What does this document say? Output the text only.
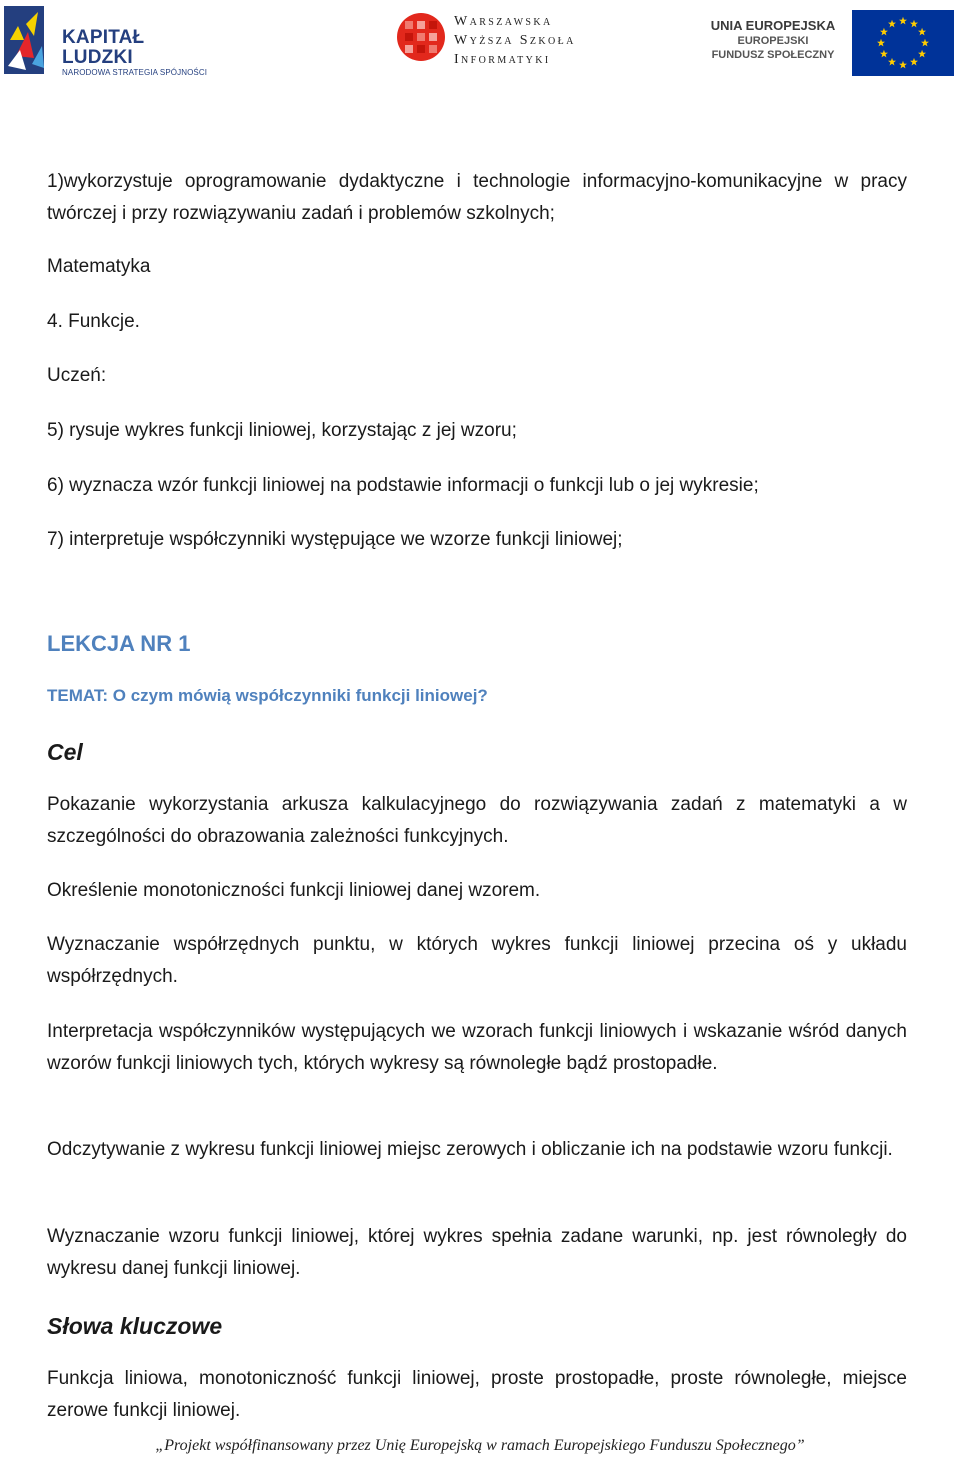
KAPITAŁ LUDZKI
NARODOWA STRATEGIA SPÓJNOŚCI
Warszawska
Wyższa Szkoła
Informatyki
UNIA EUROPEJSKA
EUROPEJSKI
FUNDUSZ SPOŁECZNY

1)wykorzystuje oprogramowanie dydaktyczne i technologie informacyjno-komunikacyjne w pracy twórczej i przy rozwiązywaniu zadań i problemów szkolnych;

Matematyka

4. Funkcje.

Uczeń:

5) rysuje wykres funkcji liniowej, korzystając z jej wzoru;

6) wyznacza wzór funkcji liniowej na podstawie informacji o funkcji lub o jej wykresie;

7) interpretuje współczynniki występujące we wzorze funkcji liniowej;

LEKCJA NR 1
TEMAT: O czym mówią współczynniki funkcji liniowej?
Cel

Pokazanie wykorzystania arkusza kalkulacyjnego do rozwiązywania zadań z matematyki a w szczególności do obrazowania zależności funkcyjnych.

Określenie monotoniczności funkcji liniowej danej wzorem.

Wyznaczanie współrzędnych punktu, w których wykres funkcji liniowej przecina oś y układu współrzędnych.

Interpretacja współczynników występujących we wzorach funkcji liniowych i wskazanie wśród danych wzorów funkcji liniowych tych, których wykresy są równoległe bądź prostopadłe.

Odczytywanie z wykresu funkcji liniowej miejsc zerowych i obliczanie ich na podstawie wzoru funkcji.

Wyznaczanie wzoru funkcji liniowej, której wykres spełnia zadane warunki, np. jest równoległy do wykresu danej funkcji liniowej.

Słowa kluczowe

Funkcja liniowa, monotoniczność funkcji liniowej, proste prostopadłe, proste równoległe, miejsce zerowe funkcji liniowej.

„Projekt współfinansowany przez Unię Europejską w ramach Europejskiego Funduszu Społecznego”
